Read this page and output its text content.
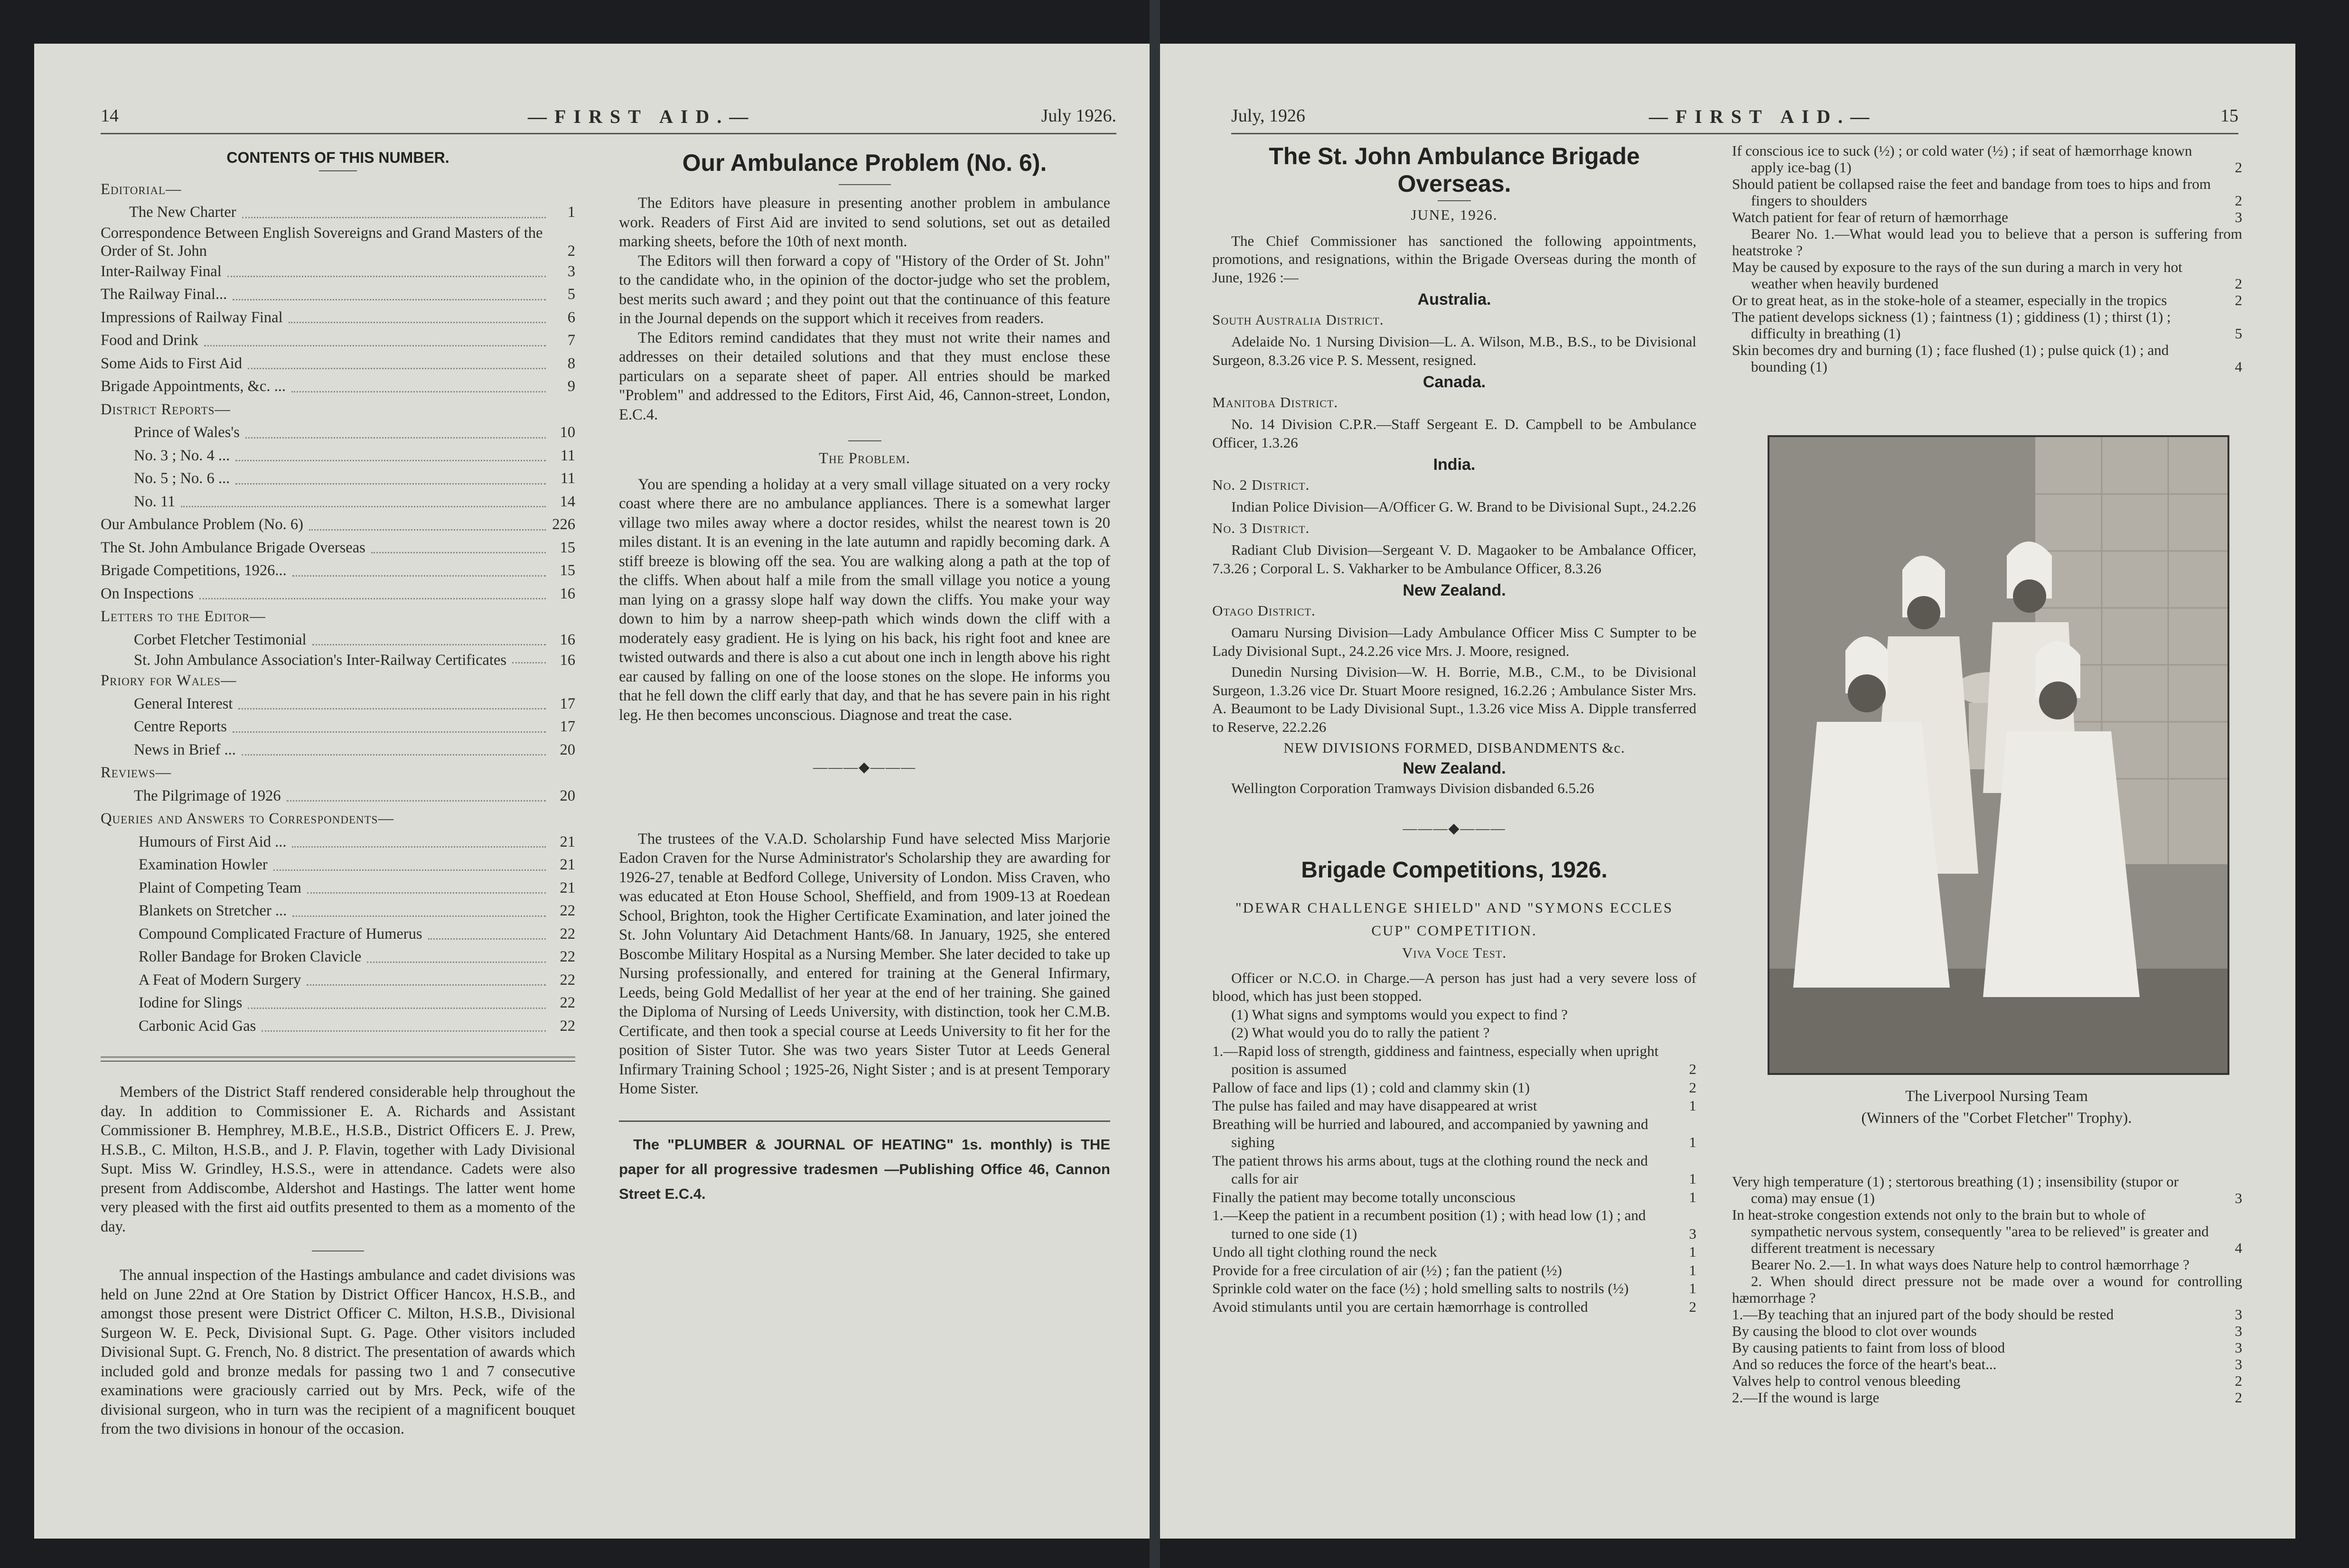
14	—FIRST AID.—	July 1926.
CONTENTS OF THIS NUMBER.
Editorial—
The New Charter	1
Correspondence Between English Sovereigns and Grand Masters of the Order of St. John	2
Inter-Railway Final	3
The Railway Final...	5
Impressions of Railway Final	6
Food and Drink	7
Some Aids to First Aid	8
Brigade Appointments, &c. ...	9
District Reports—
Prince of Wales's	10
No. 3 ; No. 4 ...	11
No. 5 ; No. 6 ...	11
No. 11	14
Our Ambulance Problem (No. 6)	226
The St. John Ambulance Brigade Overseas	15
Brigade Competitions, 1926...	15
On Inspections	16
Letters to the Editor—
Corbet Fletcher Testimonial	16
St. John Ambulance Association's Inter-Railway Certificates	16
Priory for Wales—
General Interest	17
Centre Reports	17
News in Brief ...	20
Reviews—
The Pilgrimage of 1926	20
Queries and Answers to Correspondents—
Humours of First Aid ...	21
Examination Howler	21
Plaint of Competing Team	21
Blankets on Stretcher ...	22
Compound Complicated Fracture of Humerus	22
Roller Bandage for Broken Clavicle	22
A Feat of Modern Surgery	22
Iodine for Slings	22
Carbonic Acid Gas	22

Members of the District Staff rendered considerable help throughout the day. In addition to Commissioner E. A. Richards and Assistant Commissioner B. Hemphrey, M.B.E., H.S.B., District Officers E. J. Prew, H.S.B., C. Milton, H.S.B., and J. P. Flavin, together with Lady Divisional Supt. Miss W. Grindley, H.S.S., were in attendance. Cadets were also present from Addiscombe, Aldershot and Hastings. The latter went home very pleased with the first aid outfits presented to them as a momento of the day.

The annual inspection of the Hastings ambulance and cadet divisions was held on June 22nd at Ore Station by District Officer Hancox, H.S.B., and amongst those present were District Officer C. Milton, H.S.B., Divisional Surgeon W. E. Peck, Divisional Supt. G. Page. Other visitors included Divisional Supt. G. French, No. 8 district. The presentation of awards which included gold and bronze medals for passing two 1 and 7 consecutive examinations were graciously carried out by Mrs. Peck, wife of the divisional surgeon, who in turn was the recipient of a magnificent bouquet from the two divisions in honour of the occasion.

Our Ambulance Problem (No. 6).

The Editors have pleasure in presenting another problem in ambulance work. Readers of First Aid are invited to send solutions, set out as detailed marking sheets, before the 10th of next month.

The Editors will then forward a copy of "History of the Order of St. John" to the candidate who, in the opinion of the doctor-judge who set the problem, best merits such award ; and they point out that the continuance of this feature in the Journal depends on the support which it receives from readers.

The Editors remind candidates that they must not write their names and addresses on their detailed solutions and that they must enclose these particulars on a separate sheet of paper. All entries should be marked "Problem" and addressed to the Editors, First Aid, 46, Cannon-street, London, E.C.4.

The Problem.

You are spending a holiday at a very small village situated on a very rocky coast where there are no ambulance appliances. There is a somewhat larger village two miles away where a doctor resides, whilst the nearest town is 20 miles distant. It is an evening in the late autumn and rapidly becoming dark. A stiff breeze is blowing off the sea. You are walking along a path at the top of the cliffs. When about half a mile from the small village you notice a young man lying on a grassy slope half way down the cliffs. You make your way down to him by a narrow sheep-path which winds down the cliff with a moderately easy gradient. He is lying on his back, his right foot and knee are twisted outwards and there is also a cut about one inch in length above his right ear caused by falling on one of the loose stones on the slope. He informs you that he fell down the cliff early that day, and that he has severe pain in his right leg. He then becomes unconscious. Diagnose and treat the case.

———◆———

The trustees of the V.A.D. Scholarship Fund have selected Miss Marjorie Eadon Craven for the Nurse Administrator's Scholarship they are awarding for 1926-27, tenable at Bedford College, University of London. Miss Craven, who was educated at Eton House School, Sheffield, and from 1909-13 at Roedean School, Brighton, took the Higher Certificate Examination, and later joined the St. John Voluntary Aid Detachment Hants/68. In January, 1925, she entered Boscombe Military Hospital as a Nursing Member. She later decided to take up Nursing professionally, and entered for training at the General Infirmary, Leeds, being Gold Medallist of her year at the end of her training. She gained the Diploma of Nursing of Leeds University, with distinction, took her C.M.B. Certificate, and then took a special course at Leeds University to fit her for the position of Sister Tutor. She was two years Sister Tutor at Leeds General Infirmary Training School ; 1925-26, Night Sister ; and is at present Temporary Home Sister.

The "PLUMBER & JOURNAL OF HEATING" 1s. monthly) is THE paper for all progressive tradesmen —Publishing Office 46, Cannon Street E.C.4.
July, 1926	—FIRST AID.—	15
The St. John Ambulance Brigade Overseas.
JUNE, 1926.

The Chief Commissioner has sanctioned the following appointments, promotions, and resignations, within the Brigade Overseas during the month of June, 1926 :—

Australia.
South Australia District.

Adelaide No. 1 Nursing Division—L. A. Wilson, M.B., B.S., to be Divisional Surgeon, 8.3.26 vice P. S. Messent, resigned.

Canada.
Manitoba District.

No. 14 Division C.P.R.—Staff Sergeant E. D. Campbell to be Ambulance Officer, 1.3.26

India.
No. 2 District.

Indian Police Division—A/Officer G. W. Brand to be Divisional Supt., 24.2.26

No. 3 District.

Radiant Club Division—Sergeant V. D. Magaoker to be Ambalance Officer, 7.3.26 ; Corporal L. S. Vakharker to be Ambulance Officer, 8.3.26

New Zealand.
Otago District.

Oamaru Nursing Division—Lady Ambulance Officer Miss C Sumpter to be Lady Divisional Supt., 24.2.26 vice Mrs. J. Moore, resigned.

Dunedin Nursing Division—W. H. Borrie, M.B., C.M., to be Divisional Surgeon, 1.3.26 vice Dr. Stuart Moore resigned, 16.2.26 ; Ambulance Sister Mrs. A. Beaumont to be Lady Divisional Supt., 1.3.26 vice Miss A. Dipple transferred to Reserve, 22.2.26

NEW DIVISIONS FORMED, DISBANDMENTS &c.
New Zealand.

Wellington Corporation Tramways Division disbanded 6.5.26

———◆———
Brigade Competitions, 1926.
"DEWAR CHALLENGE SHIELD" AND "SYMONS ECCLES CUP" COMPETITION.
Viva Voce Test.

Officer or N.C.O. in Charge.—A person has just had a very severe loss of blood, which has just been stopped.

(1) What signs and symptoms would you expect to find ?

(2) What would you do to rally the patient ?

1.—Rapid loss of strength, giddiness and faintness, especially when upright position is assumed	2
Pallow of face and lips (1) ; cold and clammy skin (1)	2
The pulse has failed and may have disappeared at wrist	1
Breathing will be hurried and laboured, and accompanied by yawning and sighing	1
The patient throws his arms about, tugs at the clothing round the neck and calls for air	1
Finally the patient may become totally unconscious	1
1.—Keep the patient in a recumbent position (1) ; with head low (1) ; and turned to one side (1)	3
Undo all tight clothing round the neck	1
Provide for a free circulation of air (½) ; fan the patient (½)	1
Sprinkle cold water on the face (½) ; hold smelling salts to nostrils (½)	1
Avoid stimulants until you are certain hæmorrhage is controlled	2
If conscious ice to suck (½) ; or cold water (½) ; if seat of hæmorrhage known apply ice-bag (1)	2
Should patient be collapsed raise the feet and bandage from toes to hips and from fingers to shoulders	2
Watch patient for fear of return of hæmorrhage	3

Bearer No. 1.—What would lead you to believe that a person is suffering from heatstroke ?

May be caused by exposure to the rays of the sun during a march in very hot weather when heavily burdened	2
Or to great heat, as in the stoke-hole of a steamer, especially in the tropics	2
The patient develops sickness (1) ; faintness (1) ; giddiness (1) ; thirst (1) ; difficulty in breathing (1)	5
Skin becomes dry and burning (1) ; face flushed (1) ; pulse quick (1) ; and bounding (1)	4
The Liverpool Nursing Team
(Winners of the "Corbet Fletcher" Trophy).
Very high temperature (1) ; stertorous breathing (1) ; insensibility (stupor or coma) may ensue (1)	3
In heat-stroke congestion extends not only to the brain but to whole of sympathetic nervous system, consequently "area to be relieved" is greater and different treatment is necessary	4

Bearer No. 2.—1. In what ways does Nature help to control hæmorrhage ?

2. When should direct pressure not be made over a wound for controlling hæmorrhage ?

1.—By teaching that an injured part of the body should be rested	3
By causing the blood to clot over wounds	3
By causing patients to faint from loss of blood	3
And so reduces the force of the heart's beat...	3
Valves help to control venous bleeding	2
2.—If the wound is large	2
